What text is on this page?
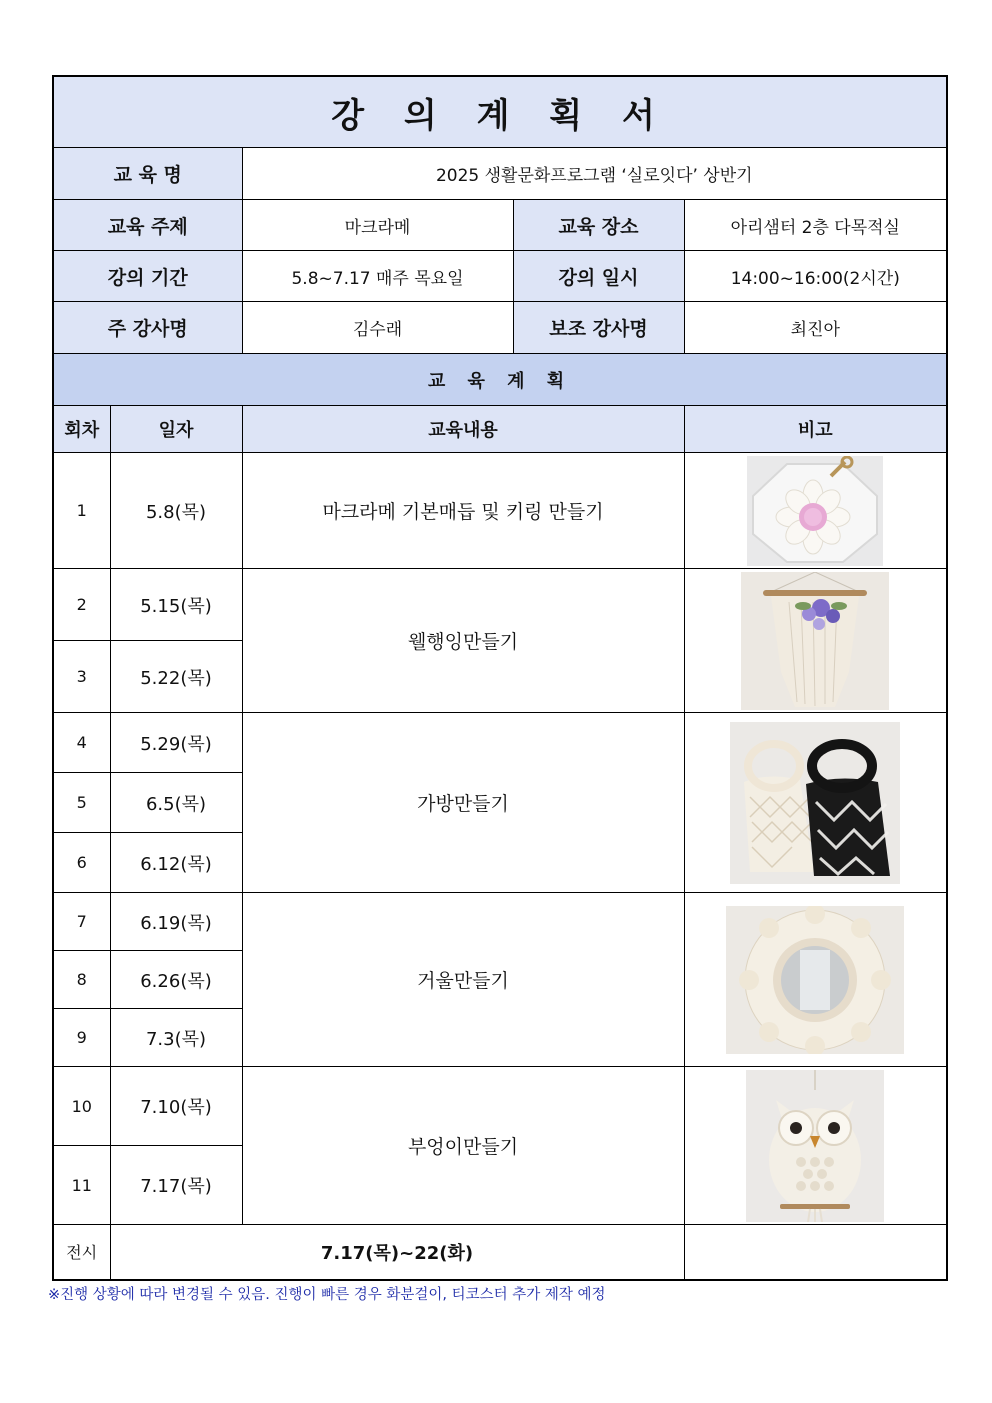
강 의 계 획 서				
교 육 명		2025 생활문화프로그램 ‘실로잇다’ 상반기		
교육 주제		마크라메	교육 장소	아리샘터 2층 다목적실
강의 기간		5.8~7.17 매주 목요일	강의 일시	14:00~16:00(2시간)
주 강사명		김수래	보조 강사명	최진아
교 육 계 획				
회차	일자	교육내용		비고
1	5.8(목)	마크라메 기본매듭 및 키링 만들기	

2	5.15(목)	웰행잉만들기	

3	5.22(목)			
4	5.29(목)	가방만들기	

5	6.5(목)			
6	6.12(목)			
7	6.19(목)	거울만들기	

8	6.26(목)			
9	7.3(목)			
10	7.10(목)	부엉이만들기	

11	7.17(목)			
전시	7.17(목)~22(화)			
※진행 상황에 따라 변경될 수 있음. 진행이 빠른 경우 화분걸이, 티코스터 추가 제작 예정
